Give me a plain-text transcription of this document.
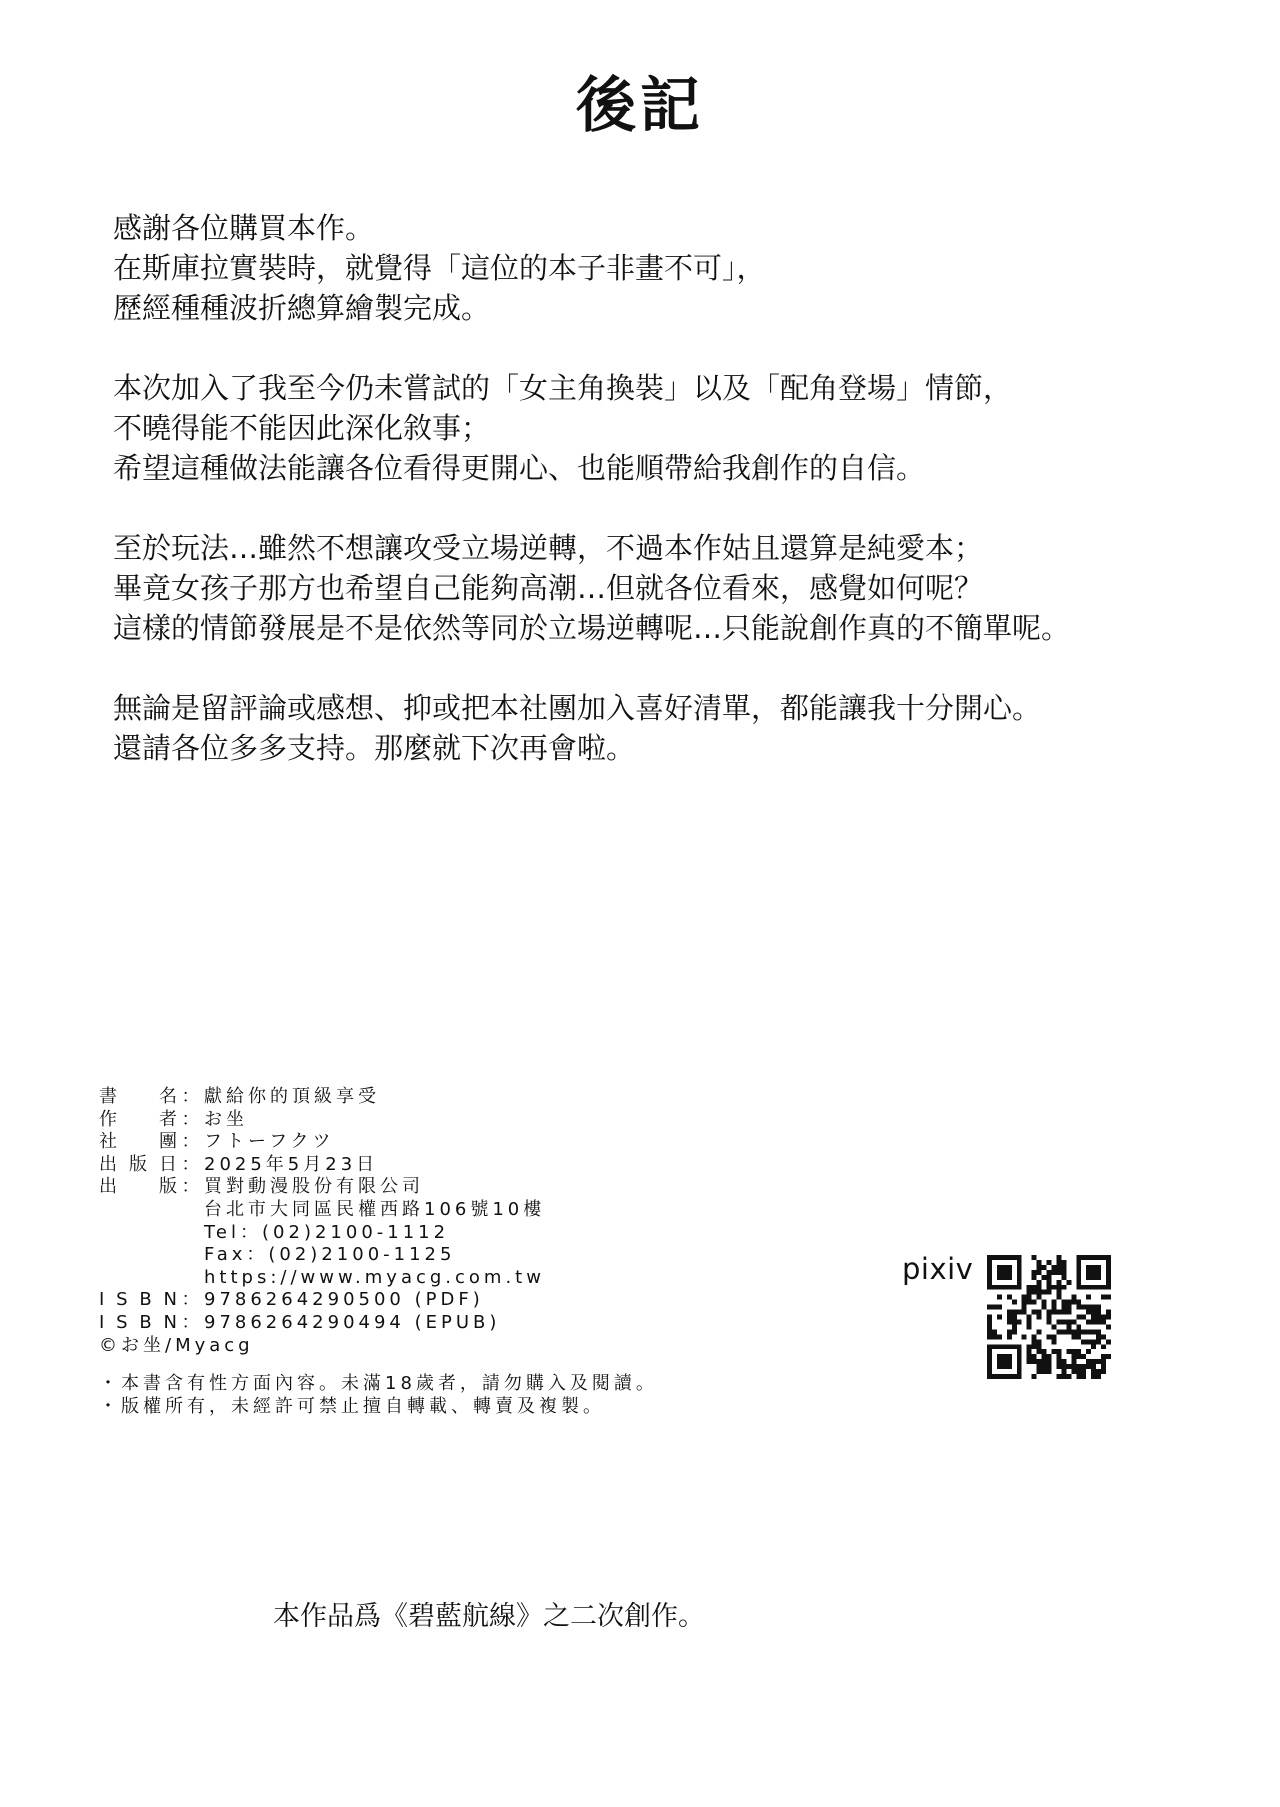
後記
感謝各位購買本作。
在斯庫拉實裝時，就覺得「這位的本子非畫不可」，
歷經種種波折總算繪製完成。
本次加入了我至今仍未嘗試的「女主角換裝」以及「配角登場」情節，
不曉得能不能因此深化敘事；
希望這種做法能讓各位看得更開心、也能順帶給我創作的自信。
至於玩法…雖然不想讓攻受立場逆轉，不過本作姑且還算是純愛本；
畢竟女孩子那方也希望自己能夠高潮…但就各位看來，感覺如何呢？
這樣的情節發展是不是依然等同於立場逆轉呢…只能說創作真的不簡單呢。
無論是留評論或感想、抑或把本社團加入喜好清單，都能讓我十分開心。
還請各位多多支持。那麼就下次再會啦。
書 名 ： 獻給你的頂級享受
作 者 ： お坐
社 團 ： フトーフクツ
出 版 日 ： 2025年5月23日
出 版 ： 買對動漫股份有限公司
台北市大同區民權西路106號10樓
Tel：(02)2100-1112
Fax：(02)2100-1125
https://www.myacg.com.tw
I S B N ： 9786264290500 (PDF)
I S B N ： 9786264290494 (EPUB)
©お坐/Myacg
・本書含有性方面內容。未滿18歲者，請勿購入及閱讀。
・版權所有，未經許可禁止擅自轉載、轉賣及複製。
pixiv
本作品爲《碧藍航線》之二次創作。
